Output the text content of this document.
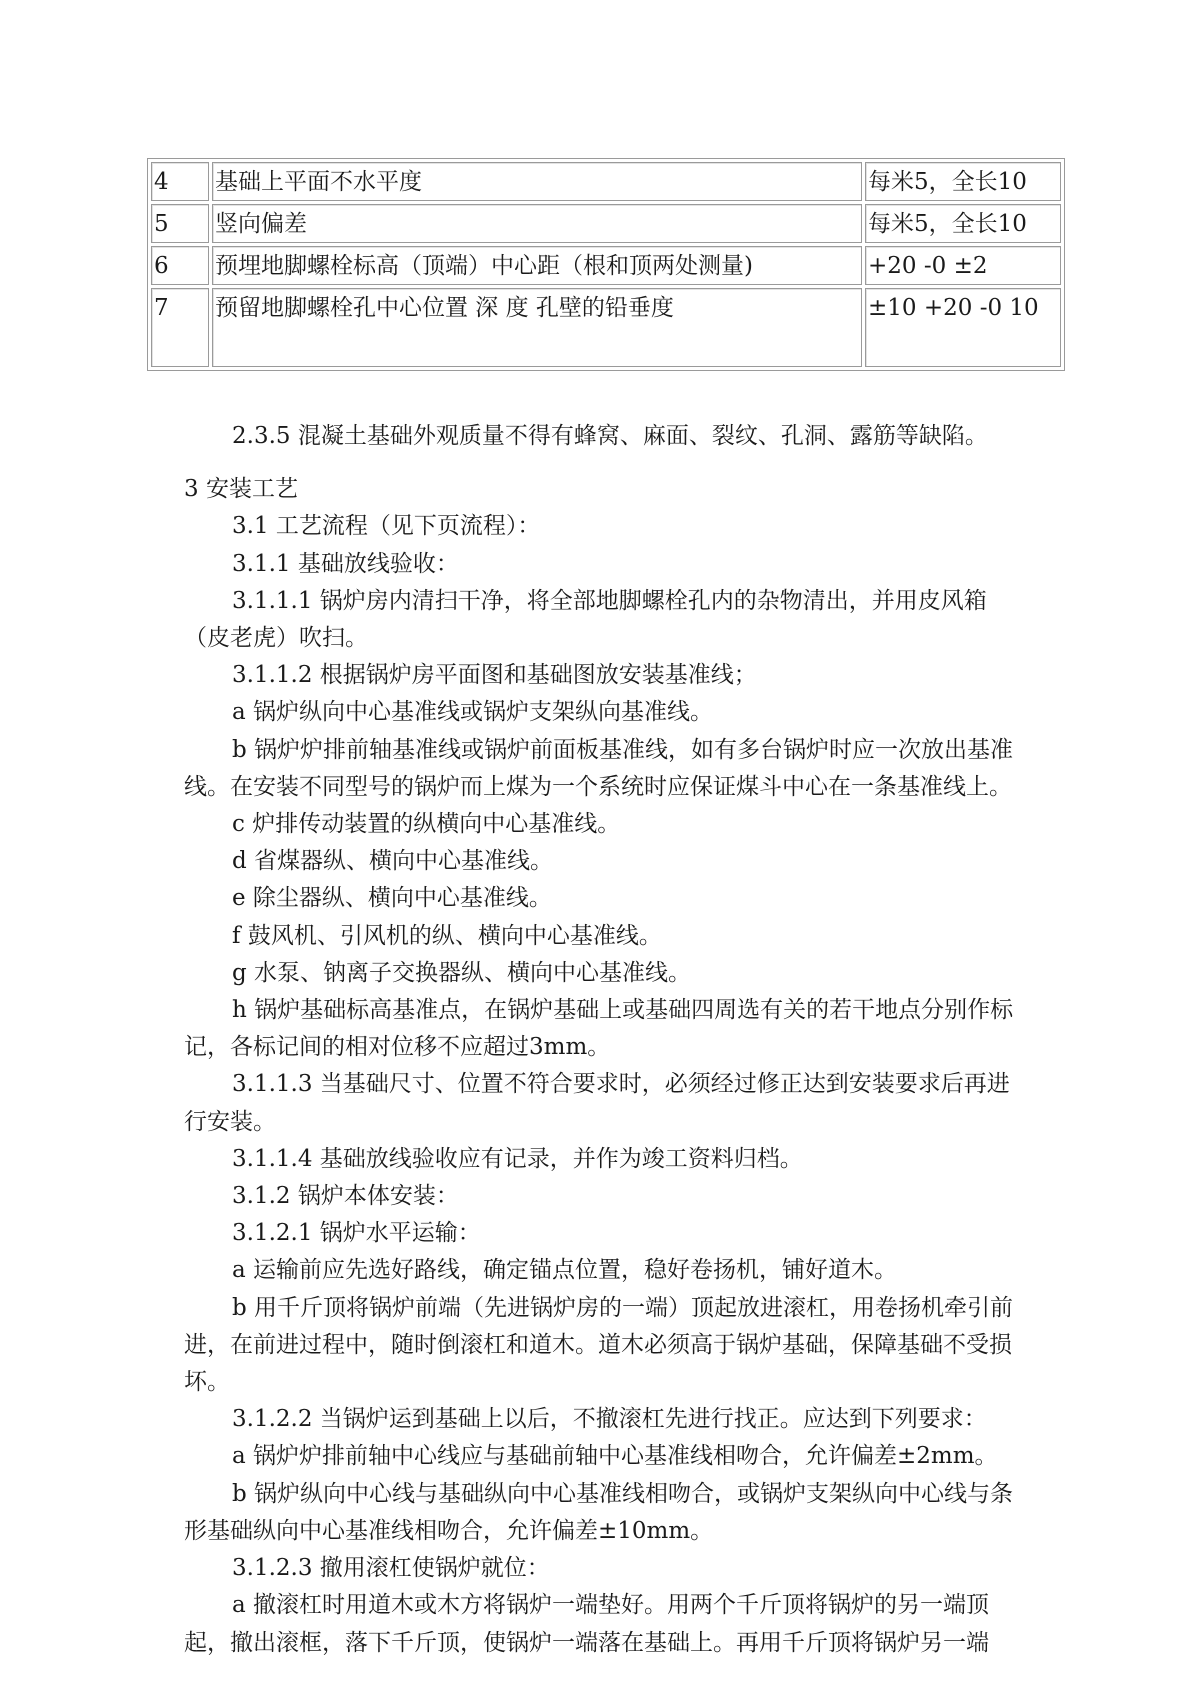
4	基础上平面不水平度	每米5，全长10
5	竖向偏差	每米5，全长10
6	预埋地脚螺栓标高（顶端）中心距（根和顶两处测量)	+20 -0 ±2
7	预留地脚螺栓孔中心位置 深 度 孔壁的铅垂度	±10 +20 -0 10

2.3.5 混凝土基础外观质量不得有蜂窝、麻面、裂纹、孔洞、露筋等缺陷。

3 安装工艺

3.1 工艺流程（见下页流程）：

3.1.1 基础放线验收：

3.1.1.1 锅炉房内清扫干净，将全部地脚螺栓孔内的杂物清出，并用皮风箱（皮老虎）吹扫。

3.1.1.2 根据锅炉房平面图和基础图放安装基准线；

a 锅炉纵向中心基准线或锅炉支架纵向基准线。

b 锅炉炉排前轴基准线或锅炉前面板基准线，如有多台锅炉时应一次放出基准线。在安装不同型号的锅炉而上煤为一个系统时应保证煤斗中心在一条基准线上。

c 炉排传动装置的纵横向中心基准线。

d 省煤器纵、横向中心基准线。

e 除尘器纵、横向中心基准线。

f 鼓风机、引风机的纵、横向中心基准线。

g 水泵、钠离子交换器纵、横向中心基准线。

h 锅炉基础标高基准点，在锅炉基础上或基础四周选有关的若干地点分别作标记，各标记间的相对位移不应超过3mm。

3.1.1.3 当基础尺寸、位置不符合要求时，必须经过修正达到安装要求后再进行安装。

3.1.1.4 基础放线验收应有记录，并作为竣工资料归档。

3.1.2 锅炉本体安装：

3.1.2.1 锅炉水平运输：

a 运输前应先选好路线，确定锚点位置，稳好卷扬机，铺好道木。

b 用千斤顶将锅炉前端（先进锅炉房的一端）顶起放进滚杠，用卷扬机牵引前进，在前进过程中，随时倒滚杠和道木。道木必须高于锅炉基础，保障基础不受损坏。

3.1.2.2 当锅炉运到基础上以后，不撤滚杠先进行找正。应达到下列要求：

a 锅炉炉排前轴中心线应与基础前轴中心基准线相吻合，允许偏差±2mm。

b 锅炉纵向中心线与基础纵向中心基准线相吻合，或锅炉支架纵向中心线与条形基础纵向中心基准线相吻合，允许偏差±10mm。

3.1.2.3 撤用滚杠使锅炉就位：

a 撤滚杠时用道木或木方将锅炉一端垫好。用两个千斤顶将锅炉的另一端顶起，撤出滚框，落下千斤顶，使锅炉一端落在基础上。再用千斤顶将锅炉另一端
